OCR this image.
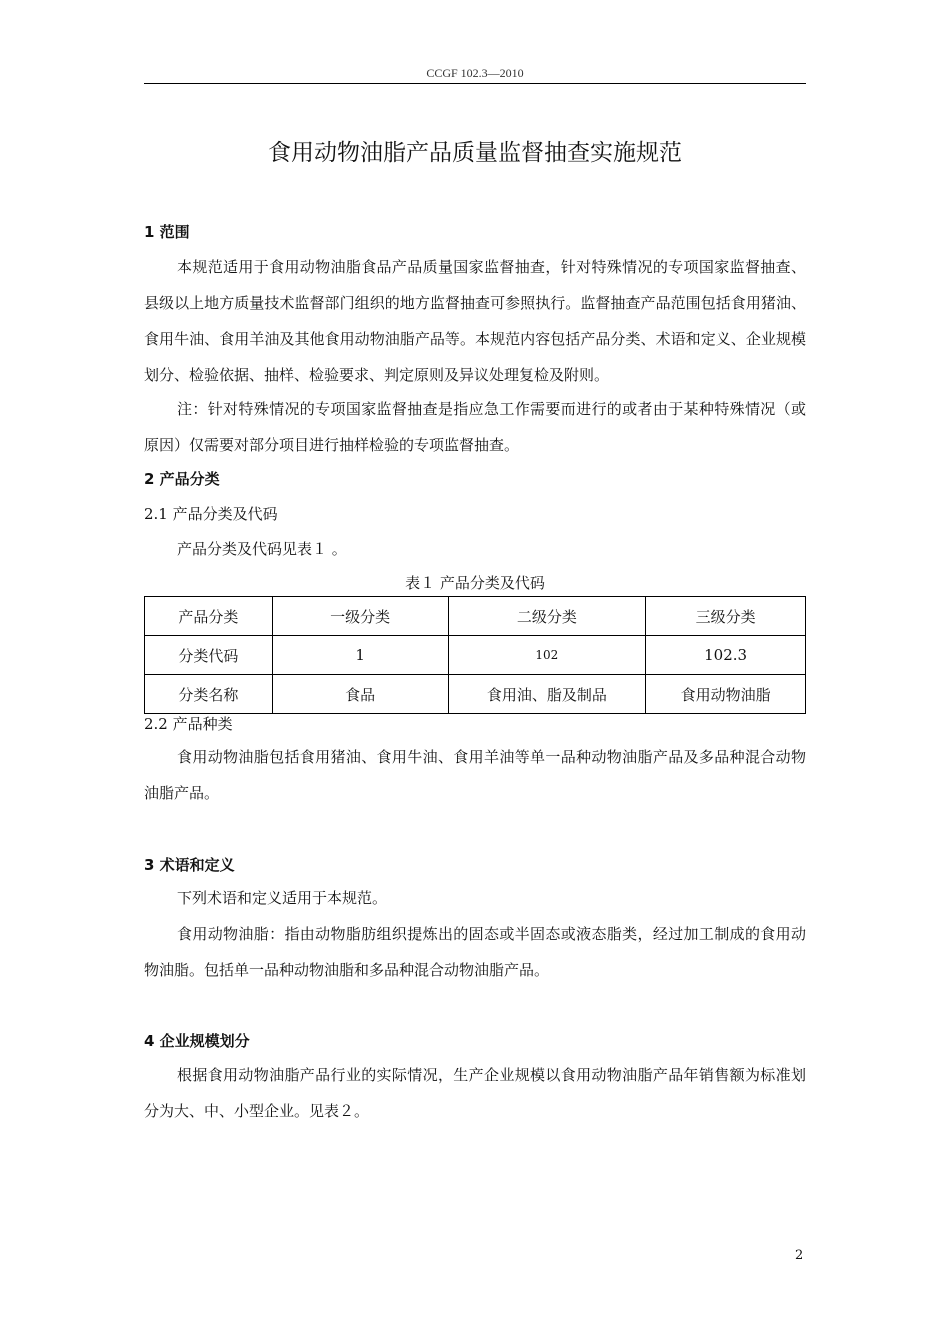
CCGF 102.3—2010
食用动物油脂产品质量监督抽查实施规范
1 范围
本规范适用于食用动物油脂食品产品质量国家监督抽查，针对特殊情况的专项国家监督抽查、县级以上地方质量技术监督部门组织的地方监督抽查可参照执行。监督抽查产品范围包括食用猪油、食用牛油、食用羊油及其他食用动物油脂产品等。本规范内容包括产品分类、术语和定义、企业规模划分、检验依据、抽样、检验要求、判定原则及异议处理复检及附则。
注：针对特殊情况的专项国家监督抽查是指应急工作需要而进行的或者由于某种特殊情况（或原因）仅需要对部分项目进行抽样检验的专项监督抽查。
2 产品分类
2.1 产品分类及代码
产品分类及代码见表１ 。
表１ 产品分类及代码
产品分类	一级分类	二级分类	三级分类
分类代码	1	102	102.3
分类名称	食品	食用油、脂及制品	食用动物油脂
2.2 产品种类
食用动物油脂包括食用猪油、食用牛油、食用羊油等单一品种动物油脂产品及多品种混合动物油脂产品。
3 术语和定义
下列术语和定义适用于本规范。
食用动物油脂：指由动物脂肪组织提炼出的固态或半固态或液态脂类，经过加工制成的食用动物油脂。包括单一品种动物油脂和多品种混合动物油脂产品。
4 企业规模划分
根据食用动物油脂产品行业的实际情况，生产企业规模以食用动物油脂产品年销售额为标准划分为大、中、小型企业。见表２。
2
